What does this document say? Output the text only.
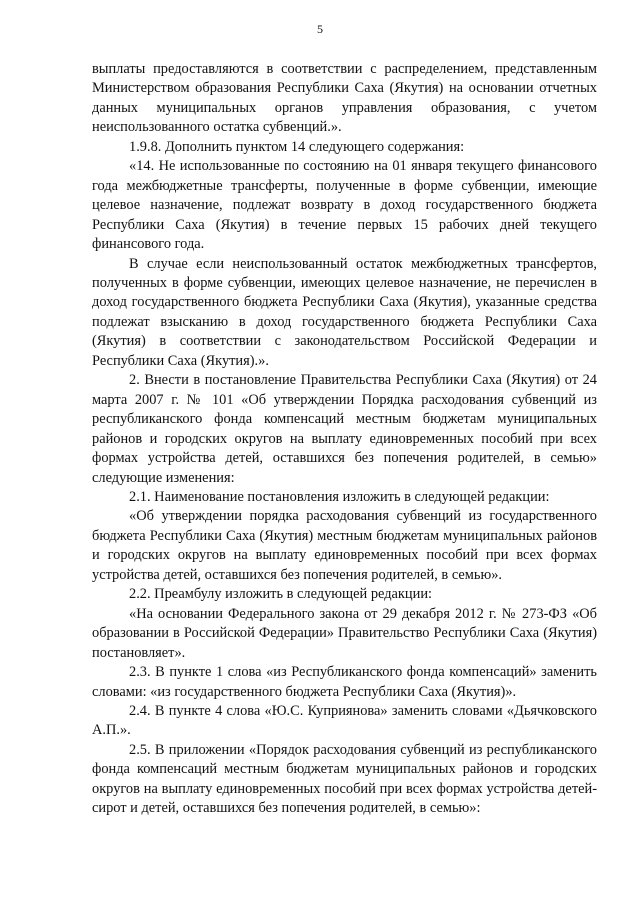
5

выплаты предоставляются в соответствии с распределением, представленным Министерством образования Республики Саха (Якутия) на основании отчетных данных муниципальных органов управления образования, с учетом неиспользованного остатка субвенций.».

1.9.8. Дополнить пунктом 14 следующего содержания:

«14. Не использованные по состоянию на 01 января текущего финансового года межбюджетные трансферты, полученные в форме субвенции, имеющие целевое назначение, подлежат возврату в доход государственного бюджета Республики Саха (Якутия) в течение первых 15 рабочих дней текущего финансового года.

В случае если неиспользованный остаток межбюджетных трансфертов, полученных в форме субвенции, имеющих целевое назначение, не перечислен в доход государственного бюджета Республики Саха (Якутия), указанные средства подлежат взысканию в доход государственного бюджета Республики Саха (Якутия) в соответствии с законодательством Российской Федерации и Республики Саха (Якутия).».

2. Внести в постановление Правительства Республики Саха (Якутия) от 24 марта 2007 г. № 101 «Об утверждении Порядка расходования субвенций из республиканского фонда компенсаций местным бюджетам муниципальных районов и городских округов на выплату единовременных пособий при всех формах устройства детей, оставшихся без попечения родителей, в семью» следующие изменения:

2.1. Наименование постановления изложить в следующей редакции:

«Об утверждении порядка расходования субвенций из государственного бюджета Республики Саха (Якутия) местным бюджетам муниципальных районов и городских округов на выплату единовременных пособий при всех формах устройства детей, оставшихся без попечения родителей, в семью».

2.2. Преамбулу изложить в следующей редакции:

«На основании Федерального закона от 29 декабря 2012 г. № 273-ФЗ «Об образовании в Российской Федерации» Правительство Республики Саха (Якутия) постановляет».

2.3. В пункте 1 слова «из Республиканского фонда компенсаций» заменить словами: «из государственного бюджета Республики Саха (Якутия)».

2.4. В пункте 4 слова «Ю.С. Куприянова» заменить словами «Дьячковского А.П.».

2.5. В приложении «Порядок расходования субвенций из республиканского фонда компенсаций местным бюджетам муниципальных районов и городских округов на выплату единовременных пособий при всех формах устройства детей-сирот и детей, оставшихся без попечения родителей, в семью»:
